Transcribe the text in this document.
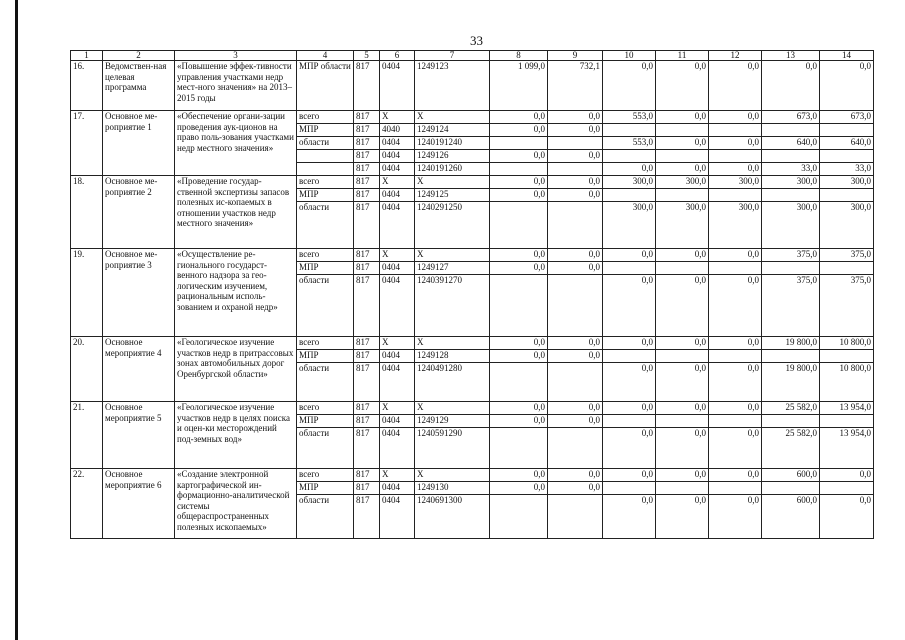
33
1	2	3	4	5	6	7	8	9	10	11	12	13	14
16.	Ведомствен-ная целевая программа	«Повышение эффек-тивности управления участками недр мест-ного значения» на 2013–2015 годы	МПР области	817	0404	1249123	1 099,0	732,1	0,0	0,0	0,0	0,0	0,0
17.	Основное ме-роприятие 1	«Обеспечение органи-зации проведения аук-ционов на право поль-зования участками недр местного значения»	всего	817	X	X	0,0	0,0	553,0	0,0	0,0	673,0	673,0
			МПР	817	4040	1249124	0,0	0,0					
			области	817	0404	1240191240			553,0	0,0	0,0	640,0	640,0
				817	0404	1249126	0,0	0,0					
				817	0404	1240191260			0,0	0,0	0,0	33,0	33,0
18.	Основное ме-роприятие 2	«Проведение государ-ственной экспертизы запасов полезных ис-копаемых в отношении участков недр местного значения»	всего	817	X	X	0,0	0,0	300,0	300,0	300,0	300,0	300,0
			МПР	817	0404	1249125	0,0	0,0					
			области	817	0404	1240291250			300,0	300,0	300,0	300,0	300,0
19.	Основное ме-роприятие 3	«Осуществление ре-гионального государст-венного надзора за гео-логическим изучением, рациональным исполь-зованием и охраной недр»	всего	817	X	X	0,0	0,0	0,0	0,0	0,0	375,0	375,0
			МПР	817	0404	1249127	0,0	0,0					
			области	817	0404	1240391270			0,0	0,0	0,0	375,0	375,0
20.	Основное мероприятие 4	«Геологическое изучение участков недр в притрассовых зонах автомобильных дорог Оренбургской области»	всего	817	X	X	0,0	0,0	0,0	0,0	0,0	19 800,0	10 800,0
			МПР	817	0404	1249128	0,0	0,0					
			области	817	0404	1240491280			0,0	0,0	0,0	19 800,0	10 800,0
21.	Основное мероприятие 5	«Геологическое изучение участков недр в целях поиска и оцен-ки месторождений под-земных вод»	всего	817	X	X	0,0	0,0	0,0	0,0	0,0	25 582,0	13 954,0
			МПР	817	0404	1249129	0,0	0,0					
			области	817	0404	1240591290			0,0	0,0	0,0	25 582,0	13 954,0
22.	Основное мероприятие 6	«Создание электронной картографической ин-формационно-аналитической системы общераспространенных полезных ископаемых»	всего	817	X	X	0,0	0,0	0,0	0,0	0,0	600,0	0,0
			МПР	817	0404	1249130	0,0	0,0					
			области	817	0404	1240691300			0,0	0,0	0,0	600,0	0,0
